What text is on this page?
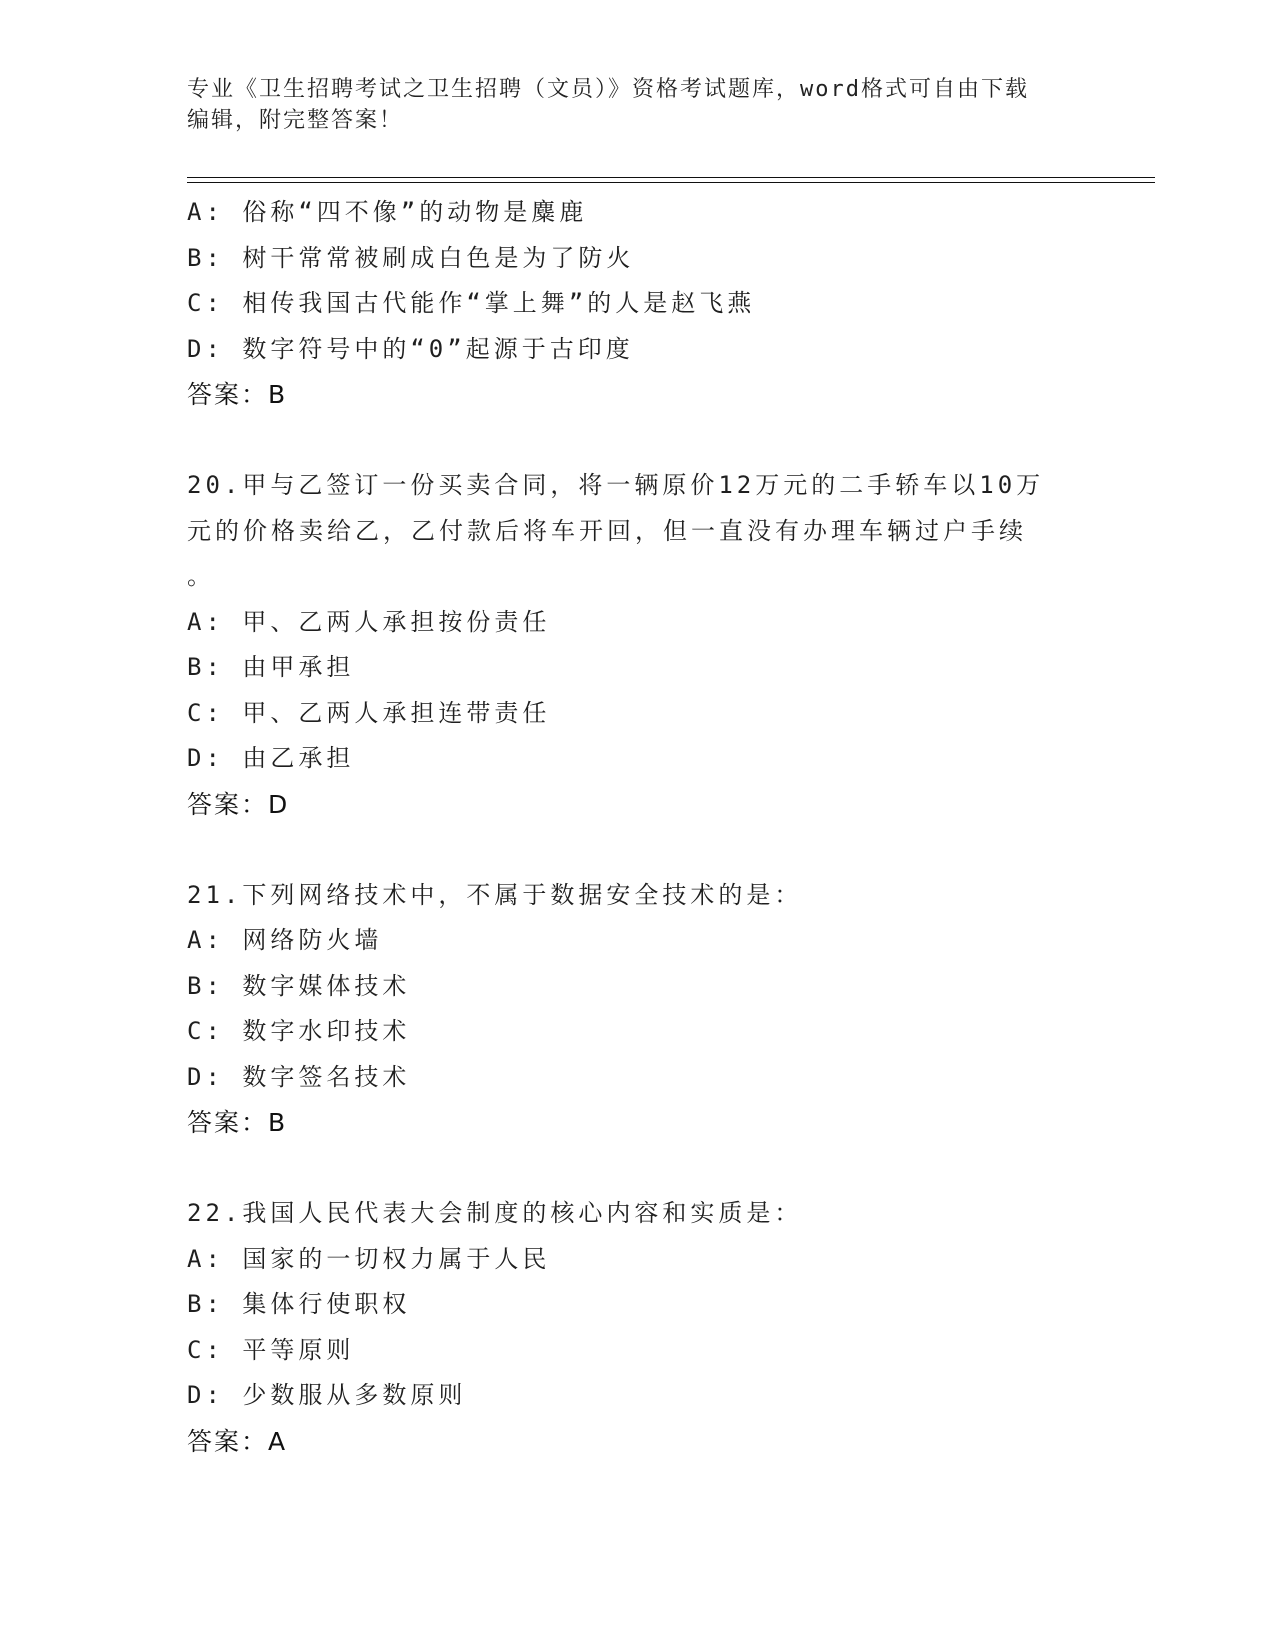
专业《卫生招聘考试之卫生招聘（文员）》资格考试题库，word格式可自由下载
编辑，附完整答案！
A: 俗称“四不像”的动物是麋鹿
B: 树干常常被刷成白色是为了防火
C: 相传我国古代能作“掌上舞”的人是赵飞燕
D: 数字符号中的“0”起源于古印度
答案：B
20.甲与乙签订一份买卖合同，将一辆原价12万元的二手轿车以10万
元的价格卖给乙，乙付款后将车开回，但一直没有办理车辆过户手续
。
A: 甲、乙两人承担按份责任
B: 由甲承担
C: 甲、乙两人承担连带责任
D: 由乙承担
答案：D
21.下列网络技术中，不属于数据安全技术的是：
A: 网络防火墙
B: 数字媒体技术
C: 数字水印技术
D: 数字签名技术
答案：B
22.我国人民代表大会制度的核心内容和实质是：
A: 国家的一切权力属于人民
B: 集体行使职权
C: 平等原则
D: 少数服从多数原则
答案：A
